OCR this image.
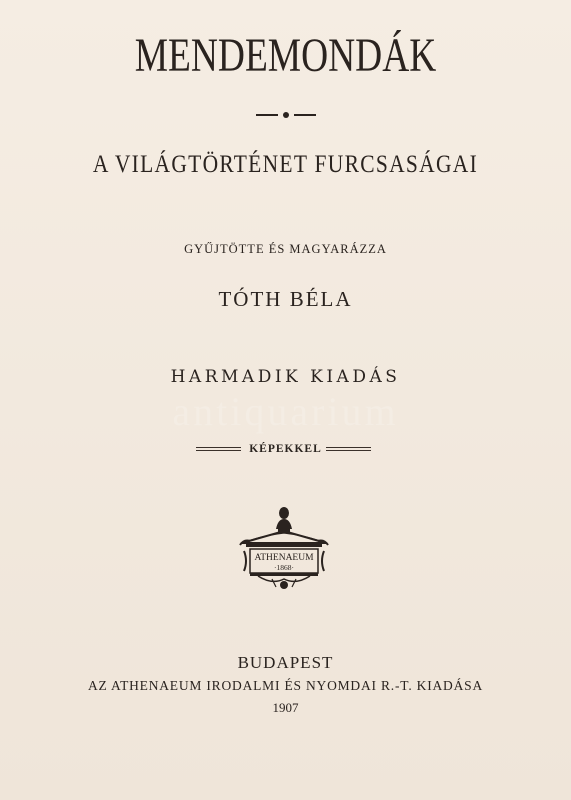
antiquarium
MENDEMONDÁK
A VILÁGTÖRTÉNET FURCSASÁGAI
GYŰJTÖTTE ÉS MAGYARÁZZA
TÓTH BÉLA
HARMADIK KIADÁS
KÉPEKKEL
ATHENAEUM
·1868·
BUDAPEST
AZ ATHENAEUM IRODALMI ÉS NYOMDAI R.-T. KIADÁSA
1907
